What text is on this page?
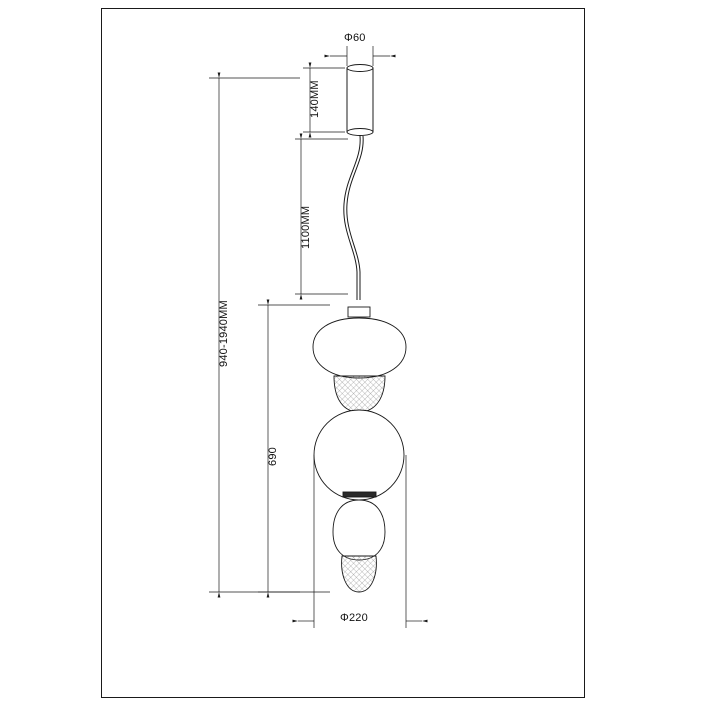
Φ60
140MM
1100MM
940-1940MM
690
Φ220
